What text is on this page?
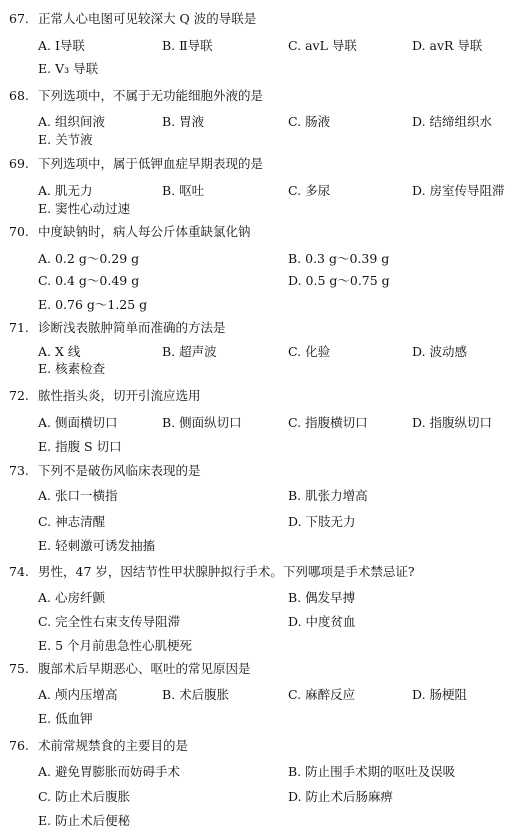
67. 正常人心电图可见较深大 Q 波的导联是
A. Ⅰ导联	B. Ⅱ导联	C. avL 导联	D. avR 导联
E. V₃ 导联
68. 下列选项中，不属于无功能细胞外液的是
A. 组织间液	B. 胃液	C. 肠液	D. 结缔组织水
E. 关节液
69. 下列选项中，属于低钾血症早期表现的是
A. 肌无力	B. 呕吐	C. 多尿	D. 房室传导阻滞
E. 窦性心动过速
70. 中度缺钠时，病人每公斤体重缺氯化钠
A. 0.2 g～0.29 g	B. 0.3 g～0.39 g
C. 0.4 g～0.49 g	D. 0.5 g～0.75 g
E. 0.76 g～1.25 g
71. 诊断浅表脓肿简单而准确的方法是
A. X 线	B. 超声波	C. 化验	D. 波动感
E. 核素检查
72. 脓性指头炎，切开引流应选用
A. 侧面横切口	B. 侧面纵切口	C. 指腹横切口	D. 指腹纵切口
E. 指腹 S 切口
73. 下列不是破伤风临床表现的是
A. 张口一横指	B. 肌张力增高
C. 神志清醒	D. 下肢无力
E. 轻刺激可诱发抽搐
74. 男性，47 岁，因结节性甲状腺肿拟行手术。下列哪项是手术禁忌证?
A. 心房纤颤	B. 偶发早搏
C. 完全性右束支传导阻滞	D. 中度贫血
E. 5 个月前患急性心肌梗死
75. 腹部术后早期恶心、呕吐的常见原因是
A. 颅内压增高	B. 术后腹胀	C. 麻醉反应	D. 肠梗阻
E. 低血钾
76. 术前常规禁食的主要目的是
A. 避免胃膨胀而妨碍手术	B. 防止围手术期的呕吐及误吸
C. 防止术后腹胀	D. 防止术后肠麻痹
E. 防止术后便秘
